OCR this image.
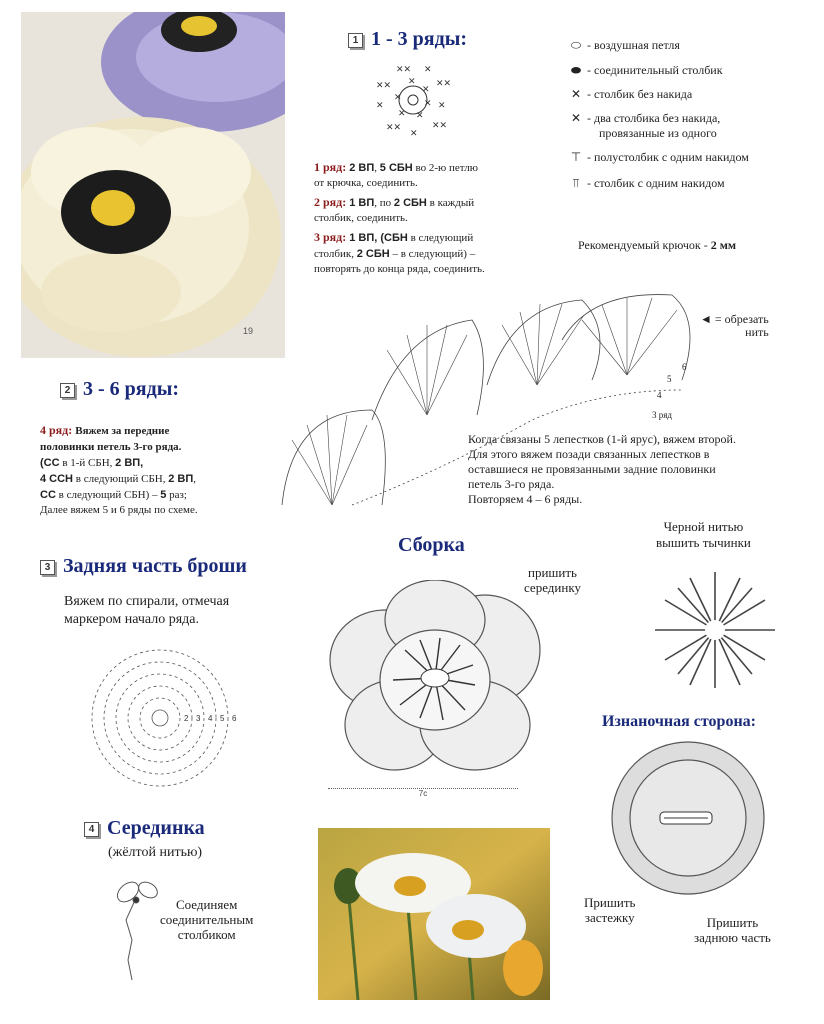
19
1 1 - 3 ряды:
✕
✕
✕
✕
✕
✕
✕✕ ✕
✕✕
✕
✕✕
✕
✕✕
✕
✕✕
1 ряд: 2 ВП, 5 СБН во 2-ю петлю
от крючка, соединить.
2 ряд: 1 ВП, по 2 СБН в каждый
столбик, соединить.
3 ряд: 1 ВП, (СБН в следующий
столбик, 2 СБН – в следующий) –
повторять до конца ряда, соединить.
⬭ - воздушная петля
⬬ - соединительный столбик
✕ - столбик без накида
✕ - два столбика без накида,
провязанные из одного
⊤ - полустолбик с одним накидом
⫪ - столбик с одним накидом
Рекомендуемый крючок - 2 мм
6
5
4
3 ряд
◄ = обрезать
нить
2 3 - 6 ряды:
4 ряд: Вяжем за передние
половинки петель 3-го ряда.
(СС в 1-й СБН, 2 ВП,
4 ССН в следующий СБН, 2 ВП,
СС в следующий СБН) – 5 раз;
Далее вяжем 5 и 6 ряды по схеме.
Когда связаны 5 лепестков (1-й ярус), вяжем второй.
Для этого вяжем позади связанных лепестков в
оставшиеся не провязанными задние половинки
петель 3-го ряда.
Повторяем 4 – 6 ряды.
3 Задняя часть броши
Вяжем по спирали, отмечая
маркером начало ряда.
2 3 4 5 6
Сборка
пришить
серединку
7c
Черной нитью
вышить тычинки
Изнаночная сторона:
Пришить
застежку	Пришить
заднюю часть
4 Серединка
(жёлтой нитью)
Соединяем
соединительным
столбиком
